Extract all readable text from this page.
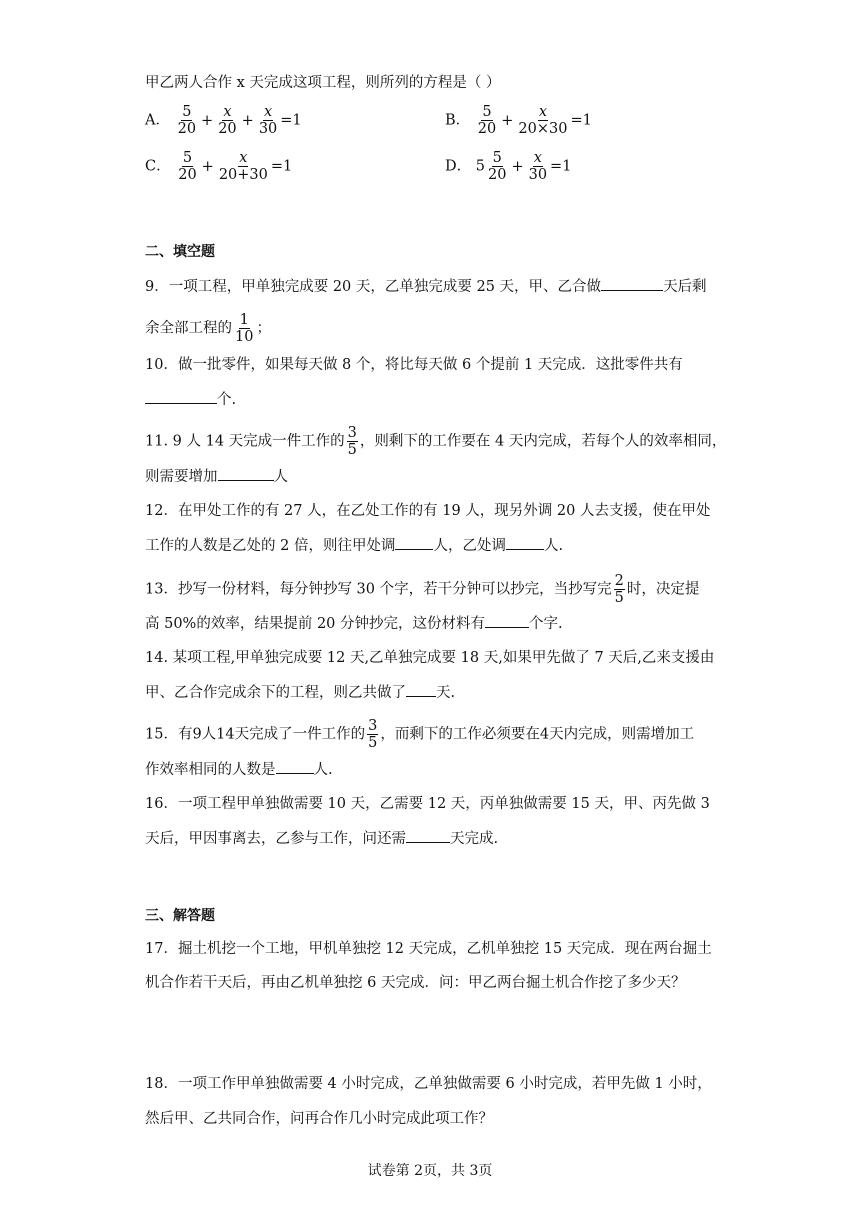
甲乙两人合作 x 天完成这项工程，则所列的方程是（ ）
A． $\frac{5}{20} + \frac{x}{20} + \frac{x}{30} =1$	B． $\frac{5}{20} + \frac{x}{20\times 30} =1$
C． $\frac{5}{20} + \frac{x}{20+30} =1$	D． $5 \frac{5}{20} + \frac{x}{30} =1$
二、填空题
9．一项工程，甲单独完成要 20 天，乙单独完成要 25 天，甲、乙合做	天后剩
余全部工程的 $\frac{1}{10}$ ；
10．做一批零件，如果每天做 8 个，将比每天做 6 个提前 1 天完成．这批零件共有
个.
11. 9 人 14 天完成一件工作的 $\frac{3}{5}$ ，则剩下的工作要在 4 天内完成，若每个人的效率相同，
则需要增加	人
12．在甲处工作的有 27 人，在乙处工作的有 19 人，现另外调 20 人去支援，使在甲处
工作的人数是乙处的 2 倍，则往甲处调	人，乙处调	人.
13．抄写一份材料，每分钟抄写 30 个字，若干分钟可以抄完，当抄写完 $\frac{2}{5}$ 时，决定提
高 50%的效率，结果提前 20 分钟抄完，这份材料有	个字.
14. 某项工程,甲单独完成要 12 天,乙单独完成要 18 天,如果甲先做了 7 天后,乙来支援由
甲、乙合作完成余下的工程，则乙共做了 天.
15．有9人14天完成了一件工作的 $\frac{3}{5}$ ，而剩下的工作必须要在4天内完成，则需增加工
作效率相同的人数是	人.
16．一项工程甲单独做需要 10 天，乙需要 12 天，丙单独做需要 15 天，甲、丙先做 3
天后，甲因事离去，乙参与工作，问还需	天完成.
三、解答题
17．掘土机挖一个工地，甲机单独挖 12 天完成，乙机单独挖 15 天完成．现在两台掘土
机合作若干天后，再由乙机单独挖 6 天完成．问：甲乙两台掘土机合作挖了多少天？
18．一项工作甲单独做需要 4 小时完成，乙单独做需要 6 小时完成，若甲先做 1 小时，
然后甲、乙共同合作，问再合作几小时完成此项工作？
试卷第 2页，共 3页
